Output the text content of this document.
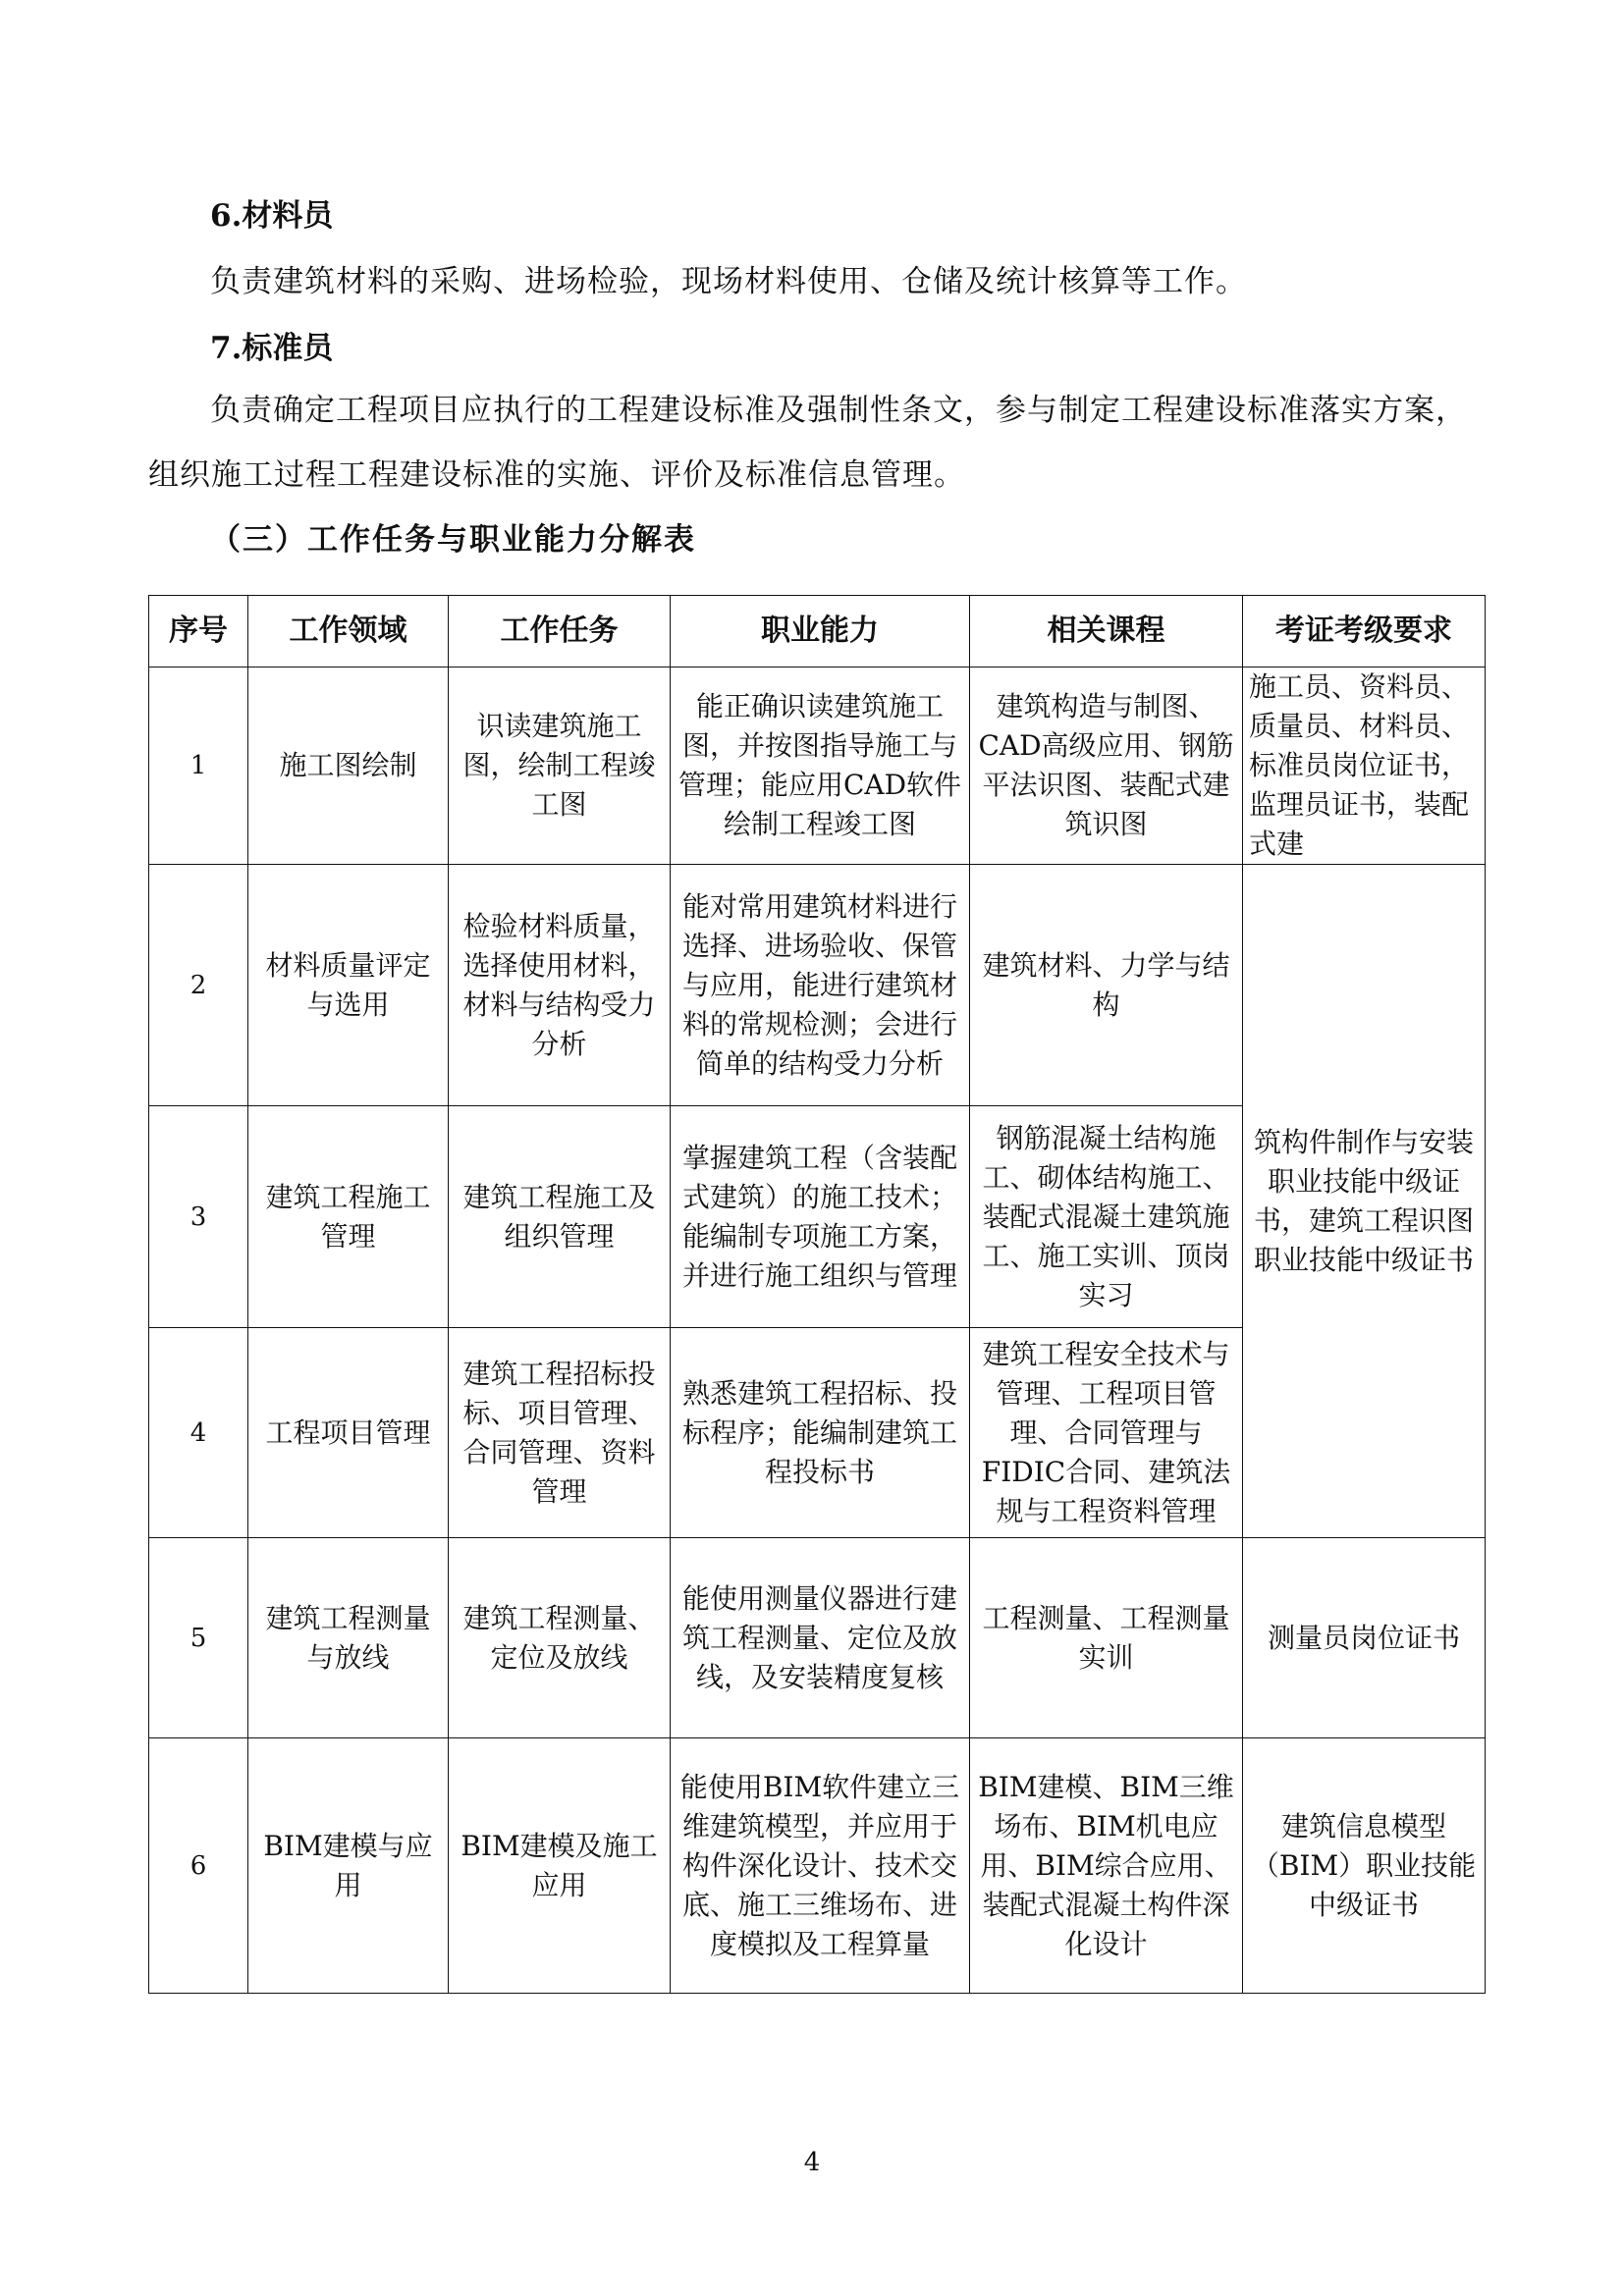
6.材料员
负责建筑材料的采购、进场检验，现场材料使用、仓储及统计核算等工作。
7.标准员
负责确定工程项目应执行的工程建设标准及强制性条文，参与制定工程建设标准落实方案，组织施工过程工程建设标准的实施、评价及标准信息管理。
（三）工作任务与职业能力分解表
序号	工作领域	工作任务	职业能力	相关课程	考证考级要求
1	施工图绘制	识读建筑施工图，绘制工程竣工图	能正确识读建筑施工图，并按图指导施工与管理；能应用CAD软件绘制工程竣工图	建筑构造与制图、CAD高级应用、钢筋平法识图、装配式建筑识图	施工员、资料员、质量员、材料员、标准员岗位证书，监理员证书，装配式建
2	材料质量评定与选用	检验材料质量，选择使用材料，材料与结构受力分析	能对常用建筑材料进行选择、进场验收、保管与应用，能进行建筑材料的常规检测；会进行简单的结构受力分析	建筑材料、力学与结构	筑构件制作与安装职业技能中级证书，建筑工程识图职业技能中级证书
3	建筑工程施工管理	建筑工程施工及组织管理	掌握建筑工程（含装配式建筑）的施工技术；能编制专项施工方案，并进行施工组织与管理	钢筋混凝土结构施工、砌体结构施工、装配式混凝土建筑施工、施工实训、顶岗实习	
4	工程项目管理	建筑工程招标投标、项目管理、合同管理、资料管理	熟悉建筑工程招标、投标程序；能编制建筑工程投标书	建筑工程安全技术与管理、工程项目管理、合同管理与FIDIC合同、建筑法规与工程资料管理	
5	建筑工程测量与放线	建筑工程测量、定位及放线	能使用测量仪器进行建筑工程测量、定位及放线，及安装精度复核	工程测量、工程测量实训	测量员岗位证书
6	BIM建模与应用	BIM建模及施工应用	能使用BIM软件建立三维建筑模型，并应用于构件深化设计、技术交底、施工三维场布、进度模拟及工程算量	BIM建模、BIM三维场布、BIM机电应用、BIM综合应用、装配式混凝土构件深化设计	建筑信息模型（BIM）职业技能中级证书
4
